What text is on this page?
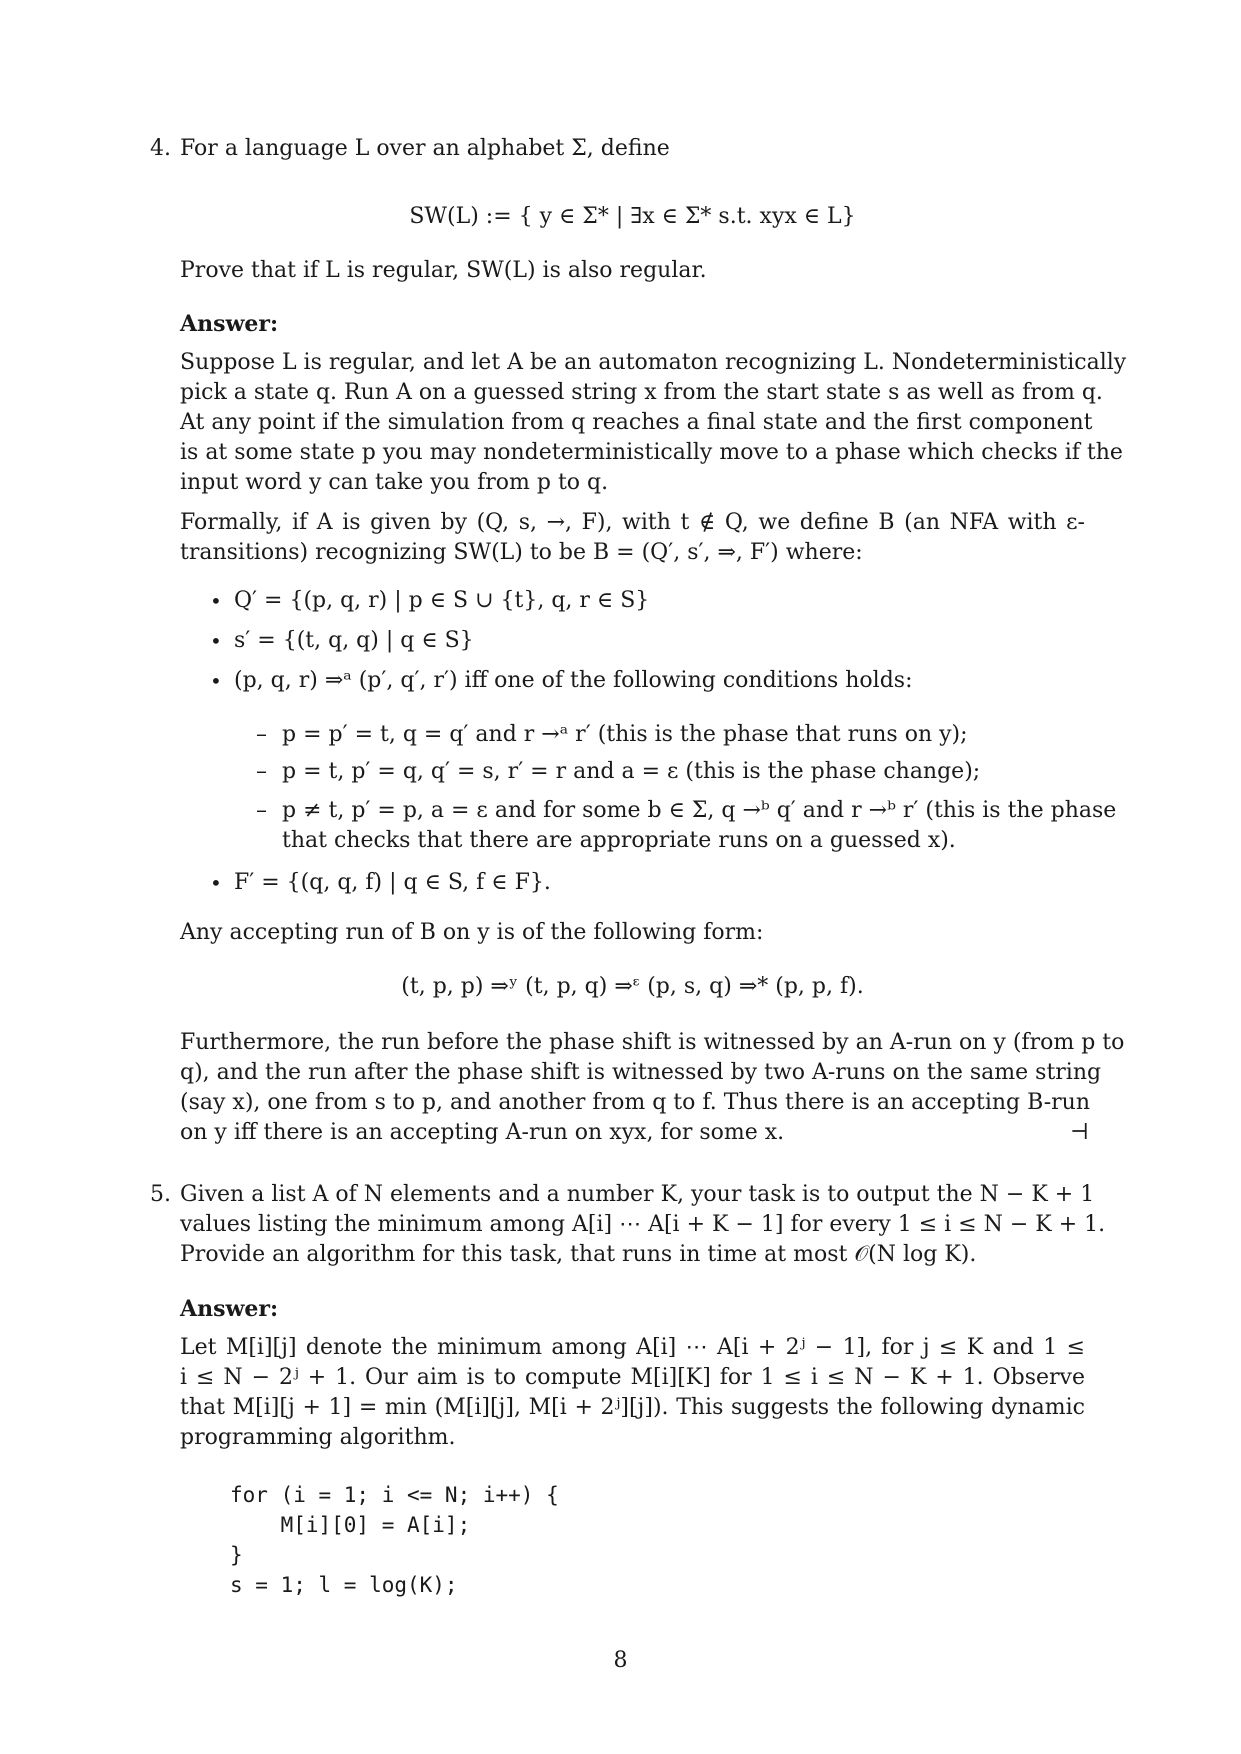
4. For a language L over an alphabet Σ, define
SW(L) := { y ∈ Σ* | ∃x ∈ Σ* s.t. xyx ∈ L}
Prove that if L is regular, SW(L) is also regular.
Answer:
Suppose L is regular, and let A be an automaton recognizing L. Nondeterministically
pick a state q. Run A on a guessed string x from the start state s as well as from q.
At any point if the simulation from q reaches a final state and the first component
is at some state p you may nondeterministically move to a phase which checks if the
input word y can take you from p to q.
Formally, if A is given by (Q, s, →, F), with t ∉ Q, we define B (an NFA with ε-
transitions) recognizing SW(L) to be B = (Q′, s′, ⇒, F′) where:
• Q′ = {(p, q, r) | p ∈ S ∪ {t}, q, r ∈ S}
• s′ = {(t, q, q) | q ∈ S}
• (p, q, r) ⇒ᵃ (p′, q′, r′) iff one of the following conditions holds:
– p = p′ = t, q = q′ and r →ᵃ r′ (this is the phase that runs on y);
– p = t, p′ = q, q′ = s, r′ = r and a = ε (this is the phase change);
– p ≠ t, p′ = p, a = ε and for some b ∈ Σ, q →ᵇ q′ and r →ᵇ r′ (this is the phase
that checks that there are appropriate runs on a guessed x).
• F′ = {(q, q, f) | q ∈ S, f ∈ F}.
Any accepting run of B on y is of the following form:
(t, p, p) ⇒ʸ (t, p, q) ⇒ᵋ (p, s, q) ⇒* (p, p, f).
Furthermore, the run before the phase shift is witnessed by an A-run on y (from p to
q), and the run after the phase shift is witnessed by two A-runs on the same string
(say x), one from s to p, and another from q to f. Thus there is an accepting B-run
on y iff there is an accepting A-run on xyx, for some x.	⊣
5. Given a list A of N elements and a number K, your task is to output the N − K + 1
values listing the minimum among A[i] ⋯ A[i + K − 1] for every 1 ≤ i ≤ N − K + 1.
Provide an algorithm for this task, that runs in time at most 𝒪(N log K).
Answer:
Let M[i][j] denote the minimum among A[i] ⋯ A[i + 2ʲ − 1], for j ≤ K and 1 ≤
i ≤ N − 2ʲ + 1. Our aim is to compute M[i][K] for 1 ≤ i ≤ N − K + 1. Observe
that M[i][j + 1] = min (M[i][j], M[i + 2ʲ][j]). This suggests the following dynamic
programming algorithm.
for (i = 1; i <= N; i++) {
M[i][0] = A[i];
}
s = 1; l = log(K);
8
